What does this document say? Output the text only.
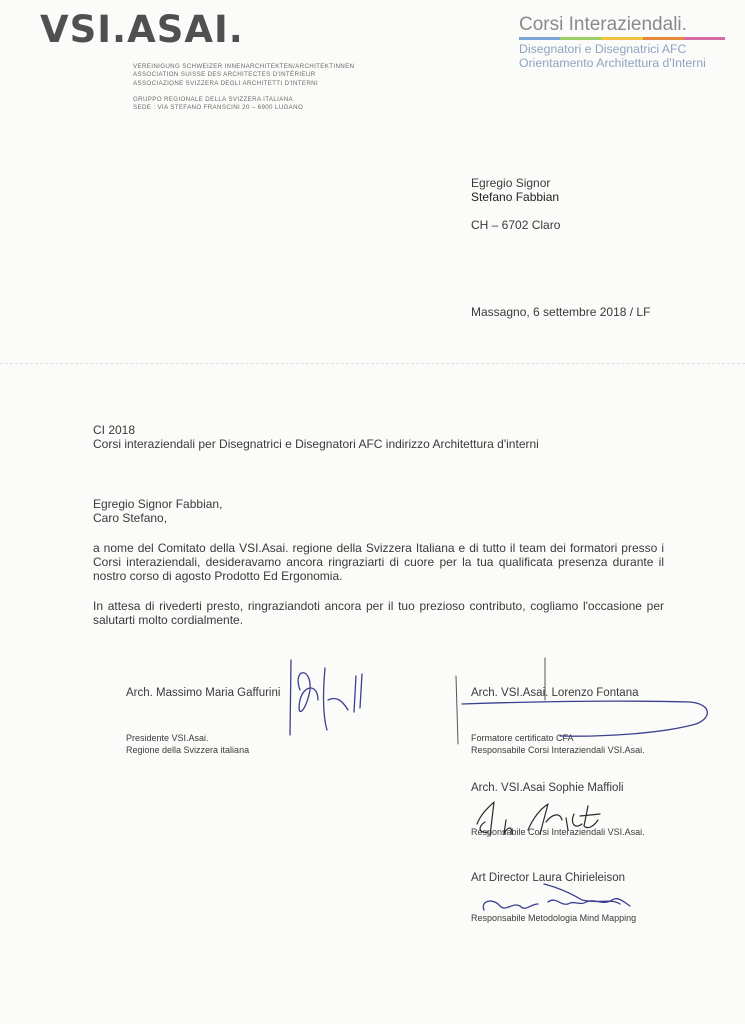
VSI.ASAI.
VEREINIGUNG SCHWEIZER INNENARCHITEKTEN/ARCHITEKTINNEN
ASSOCIATION SUISSE DES ARCHITECTES D'INTÉRIEUR
ASSOCIAZIONE SVIZZERA DEGLI ARCHITETTI D'INTERNI
GRUPPO REGIONALE DELLA SVIZZERA ITALIANA
SEDE : VIA STEFANO FRANSCINI 20 – 6900 LUGANO
Corsi Interaziendali.
Disegnatori e Disegnatrici AFC
Orientamento Architettura d'Interni
Egregio Signor
Stefano Fabbian
CH – 6702 Claro
Massagno, 6 settembre 2018 / LF
CI 2018
Corsi interaziendali per Disegnatrici e Disegnatori AFC indirizzo Architettura d'interni
Egregio Signor Fabbian,
Caro Stefano,

a nome del Comitato della VSI.Asai. regione della Svizzera Italiana e di tutto il team dei formatori presso i Corsi interaziendali, desideravamo ancora ringraziarti di cuore per la tua qualificata presenza durante il nostro corso di agosto Prodotto Ed Ergonomia.

In attesa di rivederti presto, ringraziandoti ancora per il tuo prezioso contributo, cogliamo l'occasione per salutarti molto cordialmente.

Arch. Massimo Maria Gaffurini
Presidente VSI.Asai.
Regione della Svizzera italiana
Arch. VSI.Asai. Lorenzo Fontana
Formatore certificato CFA
Responsabile Corsi Interaziendali VSI.Asai.
Arch. VSI.Asai Sophie Maffioli
Responsabile Corsi Interaziendali VSI.Asai.
Art Director Laura Chirieleison
Responsabile Metodologia Mind Mapping
